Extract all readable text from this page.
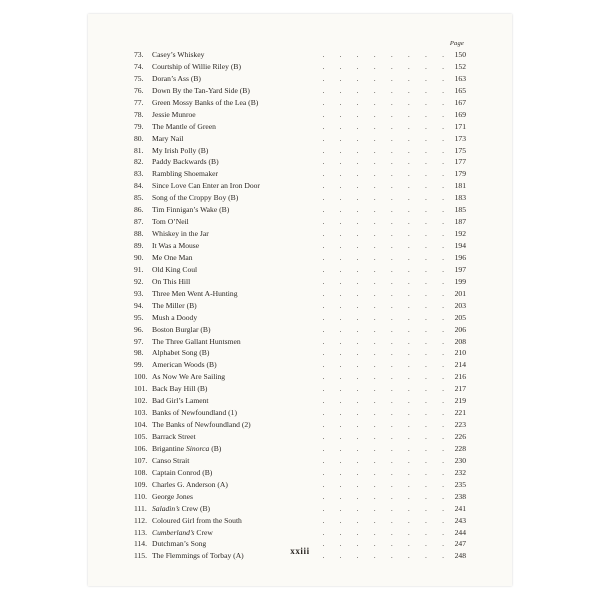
Page
73.	Casey’s Whiskey	.  .  .  .  .  .  .  .	150
74.	Courtship of Willie Riley (B)	.  .  .  .  .  .  .  .	152
75.	Doran’s Ass (B)	.  .  .  .  .  .  .  .	163
76.	Down By the Tan-Yard Side (B)	.  .  .  .  .  .  .  .	165
77.	Green Mossy Banks of the Lea (B)	.  .  .  .  .  .  .  .	167
78.	Jessie Munroe	.  .  .  .  .  .  .  .	169
79.	The Mantle of Green	.  .  .  .  .  .  .  .	171
80.	Mary Nail	.  .  .  .  .  .  .  .	173
81.	My Irish Polly (B)	.  .  .  .  .  .  .  .	175
82.	Paddy Backwards (B)	.  .  .  .  .  .  .  .	177
83.	Rambling Shoemaker	.  .  .  .  .  .  .  .	179
84.	Since Love Can Enter an Iron Door	.  .  .  .  .  .  .  .	181
85.	Song of the Croppy Boy (B)	.  .  .  .  .  .  .  .	183
86.	Tim Finnigan’s Wake (B)	.  .  .  .  .  .  .  .	185
87.	Tom O’Neil	.  .  .  .  .  .  .  .	187
88.	Whiskey in the Jar	.  .  .  .  .  .  .  .	192
89.	It Was a Mouse	.  .  .  .  .  .  .  .	194
90.	Me One Man	.  .  .  .  .  .  .  .	196
91.	Old King Coul	.  .  .  .  .  .  .  .	197
92.	On This Hill	.  .  .  .  .  .  .  .	199
93.	Three Men Went A-Hunting	.  .  .  .  .  .  .  .	201
94.	The Miller (B)	.  .  .  .  .  .  .  .	203
95.	Mush a Doody	.  .  .  .  .  .  .  .	205
96.	Boston Burglar (B)	.  .  .  .  .  .  .  .	206
97.	The Three Gallant Huntsmen	.  .  .  .  .  .  .  .	208
98.	Alphabet Song (B)	.  .  .  .  .  .  .  .	210
99.	American Woods (B)	.  .  .  .  .  .  .  .	214
100. As Now We Are Sailing	.  .  .  .  .  .  .  .	216
101. Back Bay Hill (B)	.  .  .  .  .  .  .  .	217
102. Bad Girl’s Lament	.  .  .  .  .  .  .  .	219
103. Banks of Newfoundland (1)	.  .  .  .  .  .  .  .	221
104. The Banks of Newfoundland (2)	.  .  .  .  .  .  .  .	223
105. Barrack Street	.  .  .  .  .  .  .  .	226
106. Brigantine Sinorca (B)	.  .  .  .  .  .  .  .	228
107. Canso Strait	.  .  .  .  .  .  .  .	230
108. Captain Conrod (B)	.  .  .  .  .  .  .  .	232
109. Charles G. Anderson (A)	.  .  .  .  .  .  .  .	235
110. George Jones	.  .  .  .  .  .  .  .	238
111. Saladin’s Crew (B)	.  .  .  .  .  .  .  .	241
112. Coloured Girl from the South	.  .  .  .  .  .  .  .	243
113. Cumberland’s Crew	.  .  .  .  .  .  .  .	244
114. Dutchman’s Song	.  .  .  .  .  .  .  .	247
115. The Flemmings of Torbay (A)	.  .  .  .  .  .  .  .	248
xxiii
